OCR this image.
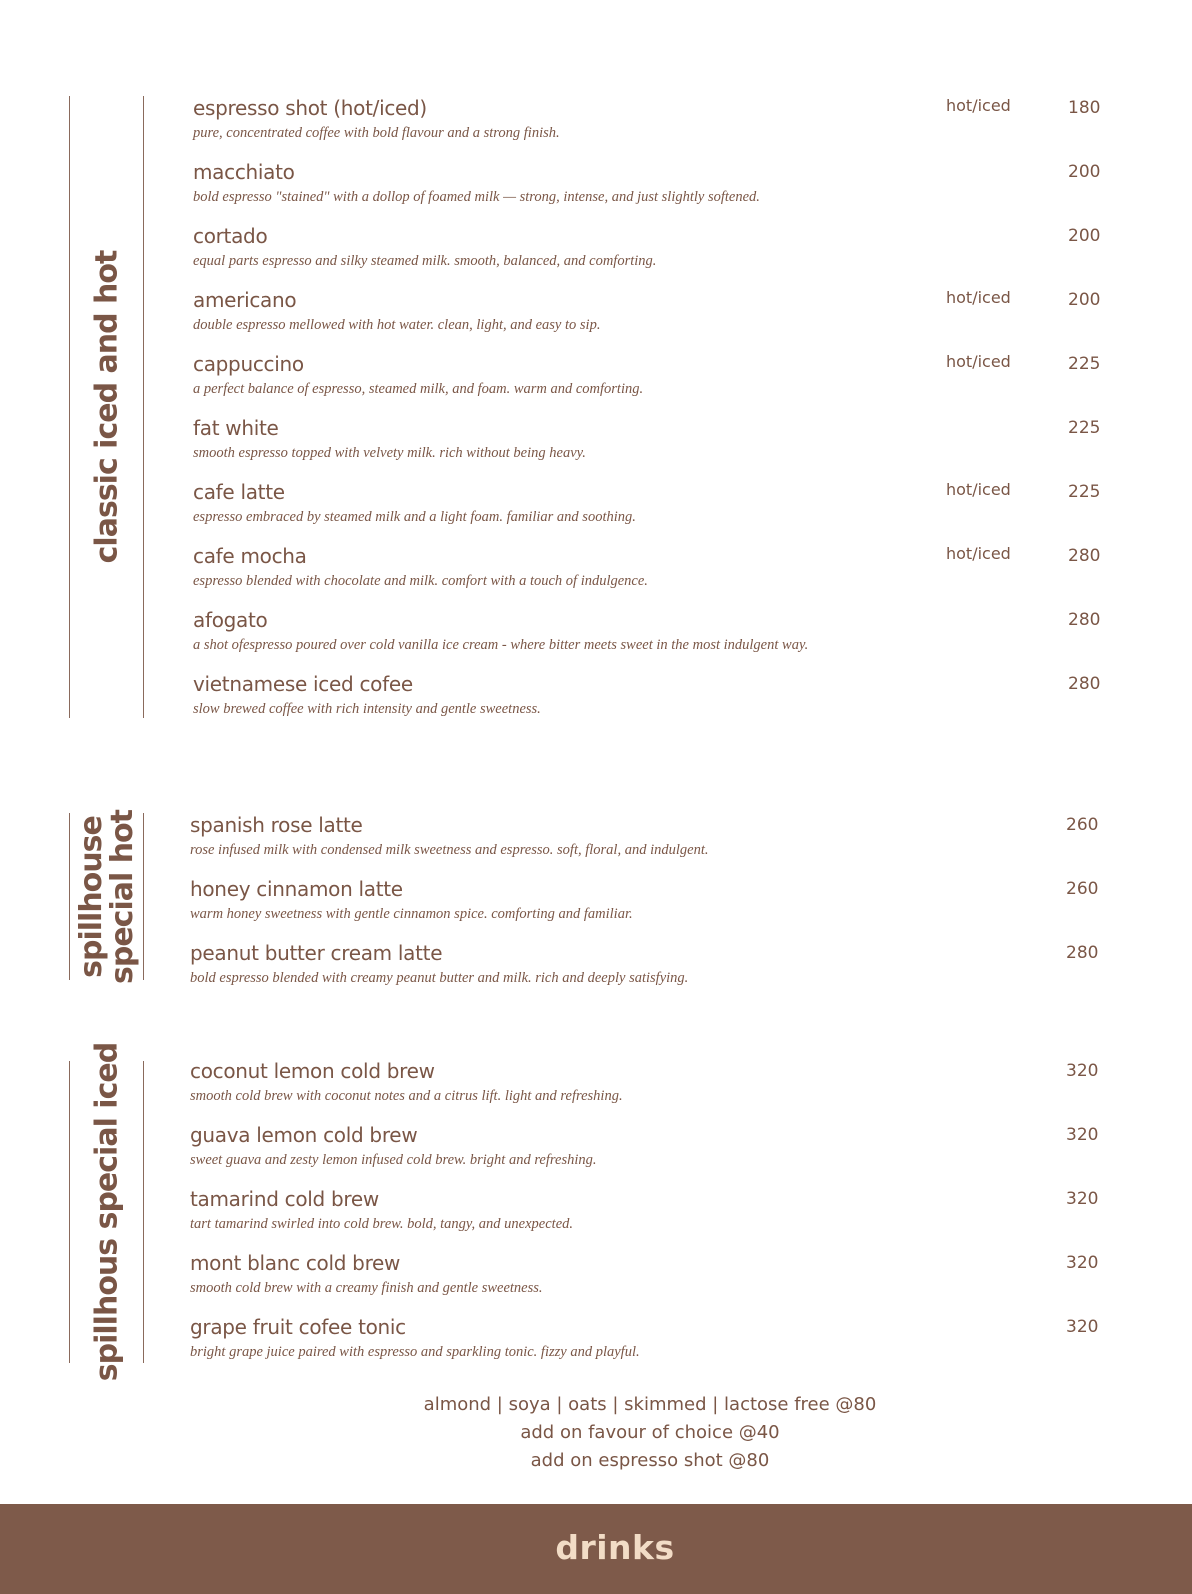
classic iced and hot
espresso shot (hot/iced)
pure, concentrated coffee with bold flavour and a strong finish.
hot/iced	180
macchiato
bold espresso "stained" with a dollop of foamed milk — strong, intense, and just slightly softened.
200
cortado
equal parts espresso and silky steamed milk. smooth, balanced, and comforting.
200
americano
double espresso mellowed with hot water. clean, light, and easy to sip.
hot/iced	200
cappuccino
a perfect balance of espresso, steamed milk, and foam. warm and comforting.
hot/iced	225
fat white
smooth espresso topped with velvety milk. rich without being heavy.
225
cafe latte
espresso embraced by steamed milk and a light foam. familiar and soothing.
hot/iced	225
cafe mocha
espresso blended with chocolate and milk. comfort with a touch of indulgence.
hot/iced	280
afogato
a shot ofespresso poured over cold vanilla ice cream - where bitter meets sweet in the most indulgent way.
280
vietnamese iced cofee
slow brewed coffee with rich intensity and gentle sweetness.
280
spillhouse
special hot	spanish rose latte
rose infused milk with condensed milk sweetness and espresso. soft, floral, and indulgent.
260
honey cinnamon latte
warm honey sweetness with gentle cinnamon spice. comforting and familiar.
260
peanut butter cream latte
bold espresso blended with creamy peanut butter and milk. rich and deeply satisfying.
280
spillhous special iced	coconut lemon cold brew
smooth cold brew with coconut notes and a citrus lift. light and refreshing.
320
guava lemon cold brew
sweet guava and zesty lemon infused cold brew. bright and refreshing.
320
tamarind cold brew
tart tamarind swirled into cold brew. bold, tangy, and unexpected.
320
mont blanc cold brew
smooth cold brew with a creamy finish and gentle sweetness.
320
grape fruit cofee tonic
bright grape juice paired with espresso and sparkling tonic. fizzy and playful.
320
almond | soya | oats | skimmed | lactose free @80
add on favour of choice @40
add on espresso shot @80
drinks
